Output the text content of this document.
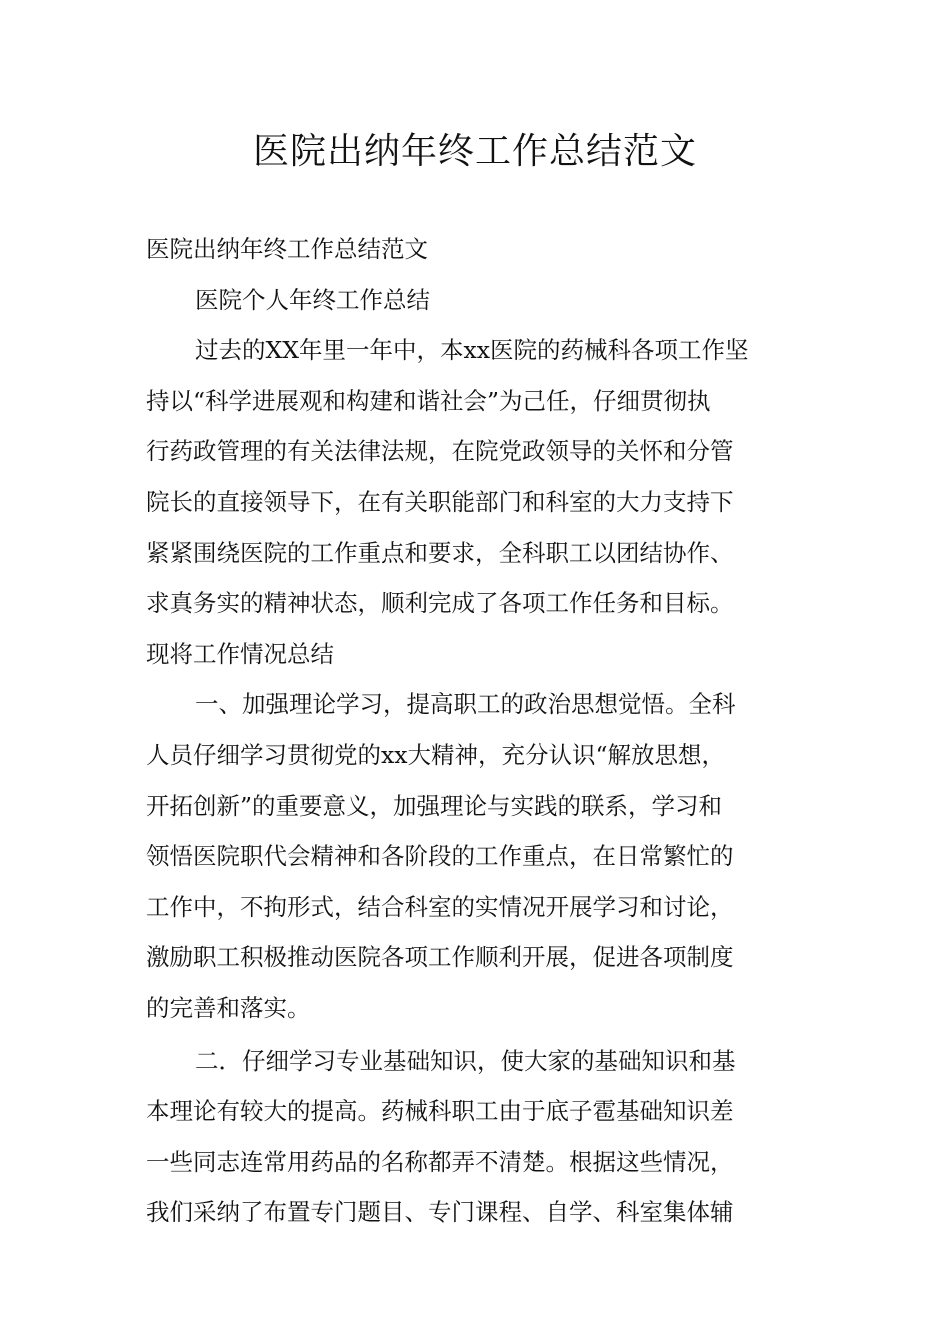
医院出纳年终工作总结范文
医院出纳年终工作总结范文
医院个人年终工作总结
过去的XX年里一年中，本xx医院的药械科各项工作坚
持以“科学进展观和构建和谐社会”为己任，仔细贯彻执
行药政管理的有关法律法规，在院党政领导的关怀和分管
院长的直接领导下，在有关职能部门和科室的大力支持下
紧紧围绕医院的工作重点和要求，全科职工以团结协作、
求真务实的精神状态，顺利完成了各项工作任务和目标。
现将工作情况总结
一、加强理论学习，提高职工的政治思想觉悟。全科
人员仔细学习贯彻党的xx大精神，充分认识“解放思想，
开拓创新”的重要意义，加强理论与实践的联系，学习和
领悟医院职代会精神和各阶段的工作重点，在日常繁忙的
工作中，不拘形式，结合科室的实情况开展学习和讨论，
激励职工积极推动医院各项工作顺利开展，促进各项制度
的完善和落实。
二．仔细学习专业基础知识，使大家的基础知识和基
本理论有较大的提高。药械科职工由于底子雹基础知识差
一些同志连常用药品的名称都弄不清楚。根据这些情况，
我们采纳了布置专门题目、专门课程、自学、科室集体辅
